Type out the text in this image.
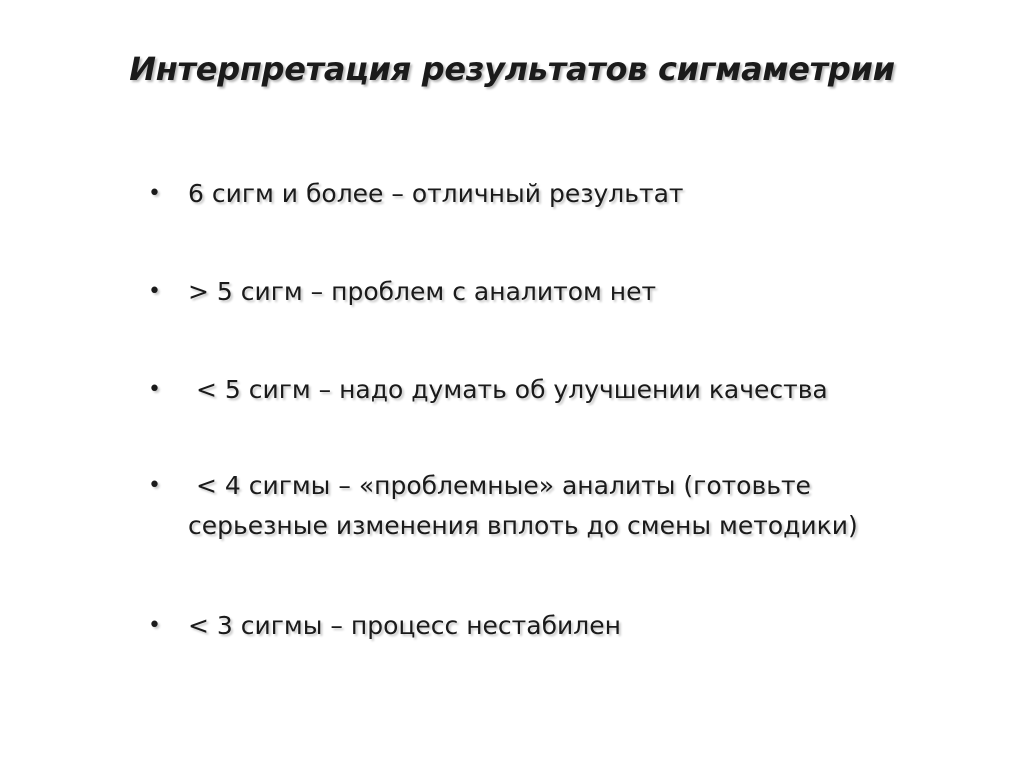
Интерпретация результатов сигмаметрии
• 6 сигм и более – отличный результат
• > 5 сигм – проблем с аналитом нет
• < 5 сигм – надо думать об улучшении качества
•	< 4 сигмы – «проблемные» аналиты (готовьте
серьезные изменения вплоть до смены методики)
• < 3 сигмы – процесс нестабилен
